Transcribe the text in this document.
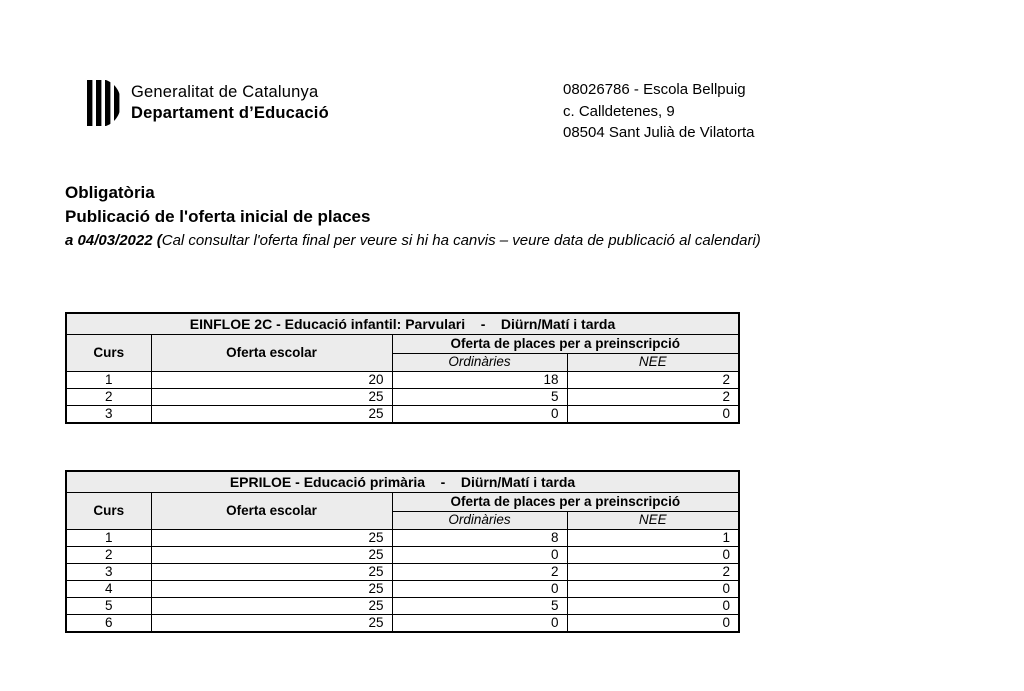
Generalitat de Catalunya
Departament d’Educació
08026786 - Escola Bellpuig
c. Calldetenes, 9
08504 Sant Julià de Vilatorta
Obligatòria
Publicació de l'oferta inicial de places
a 04/03/2022 (Cal consultar l'oferta final per veure si hi ha canvis – veure data de publicació al calendari)
EINFLOE 2C - Educació infantil: Parvulari    -    Diürn/Matí i tarda			
Curs	Oferta escolar	Oferta de places per a preinscripció	
		Ordinàries	NEE
1	20	18	2
2	25	5	2
3	25	0	0
EPRILOE - Educació primària    -    Diürn/Matí i tarda			
Curs	Oferta escolar	Oferta de places per a preinscripció	
		Ordinàries	NEE
1	25	8	1
2	25	0	0
3	25	2	2
4	25	0	0
5	25	5	0
6	25	0	0
